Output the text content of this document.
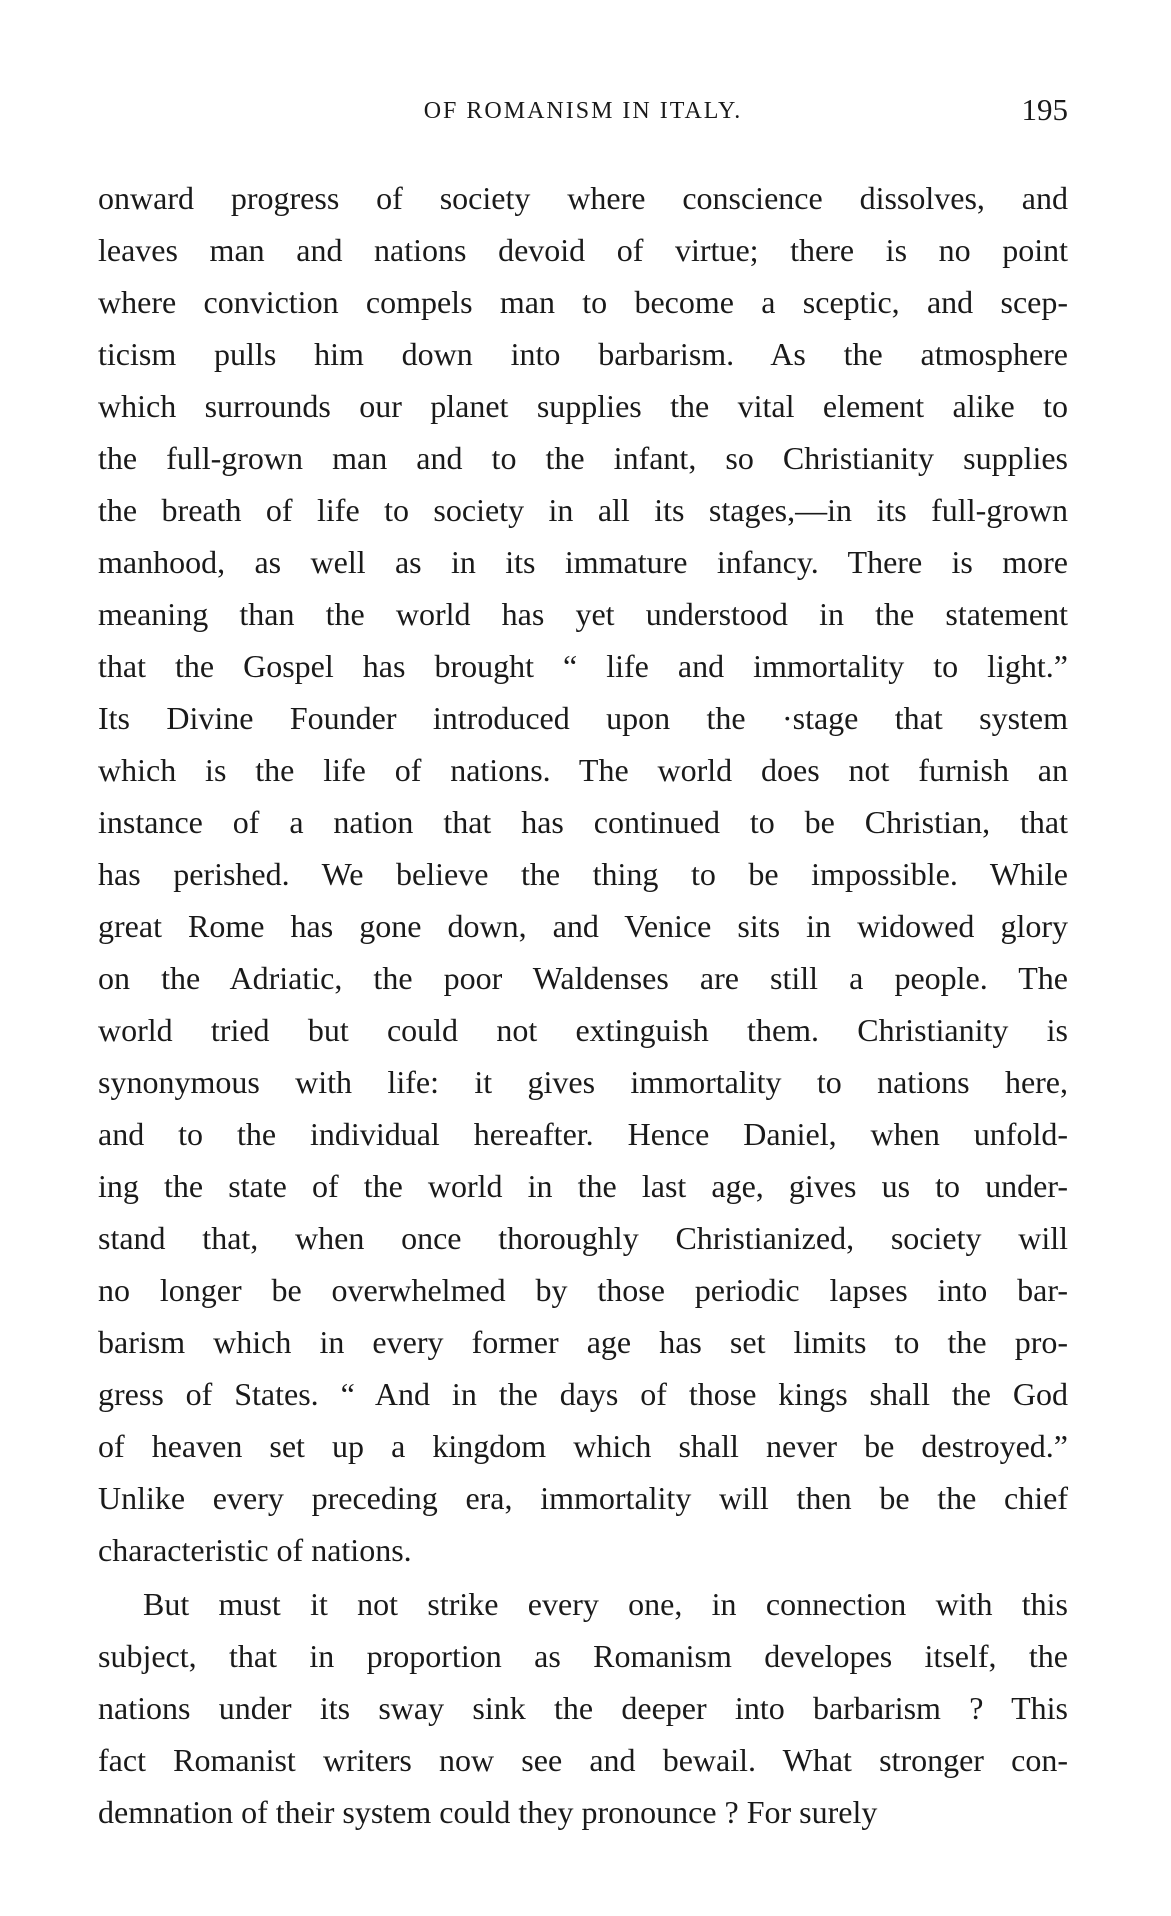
OF ROMANISM IN ITALY.	195
onward progress of society where conscience dissolves, and
leaves man and nations devoid of virtue; there is no point
where conviction compels man to become a sceptic, and scep-
ticism pulls him down into barbarism. As the atmosphere
which surrounds our planet supplies the vital element alike to
the full-grown man and to the infant, so Christianity supplies
the breath of life to society in all its stages,—in its full-grown
manhood, as well as in its immature infancy. There is more
meaning than the world has yet understood in the statement
that the Gospel has brought “ life and immortality to light.”
Its Divine Founder introduced upon the ·stage that system
which is the life of nations. The world does not furnish an
instance of a nation that has continued to be Christian, that
has perished. We believe the thing to be impossible. While
great Rome has gone down, and Venice sits in widowed glory
on the Adriatic, the poor Waldenses are still a people. The
world tried but could not extinguish them. Christianity is
synonymous with life: it gives immortality to nations here,
and to the individual hereafter. Hence Daniel, when unfold-
ing the state of the world in the last age, gives us to under-
stand that, when once thoroughly Christianized, society will
no longer be overwhelmed by those periodic lapses into bar-
barism which in every former age has set limits to the pro-
gress of States. “ And in the days of those kings shall the God
of heaven set up a kingdom which shall never be destroyed.”
Unlike every preceding era, immortality will then be the chief
characteristic of nations.
But must it not strike every one, in connection with this
subject, that in proportion as Romanism developes itself, the
nations under its sway sink the deeper into barbarism ? This
fact Romanist writers now see and bewail. What stronger con-
demnation of their system could they pronounce ? For surely
